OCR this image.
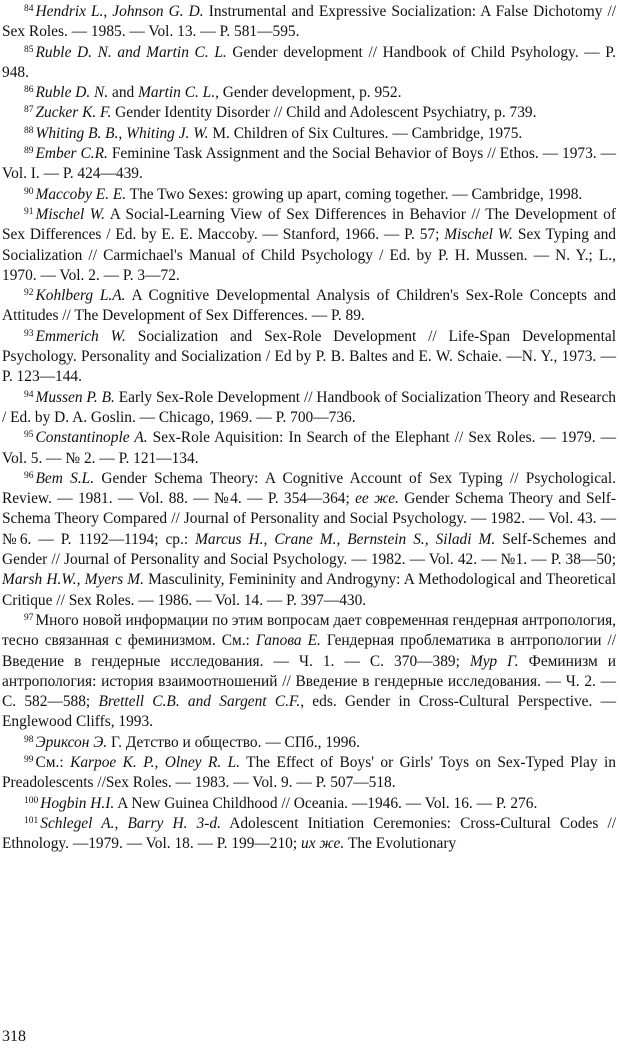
$^{84}$ Hendrix L., Johnson G. D. Instrumental and Expressive Socialization: A False Dichotomy // Sex Roles. — 1985. — Vol. 13. — P. 581—595.

$^{85}$ Ruble D. N. and Martin C. L. Gender development // Handbook of Child Psyhology. — P. 948.

$^{86}$ Ruble D. N. and Martin C. L., Gender development, p. 952.

$^{87}$ Zucker K. F. Gender Identity Disorder // Child and Adolescent Psychiatry, p. 739.

$^{88}$ Whiting B. B., Whiting J. W. M. Children of Six Cultures. — Cambridge, 1975.

$^{89}$ Ember C.R. Feminine Task Assignment and the Social Behavior of Boys // Ethos. — 1973. — Vol. I. — P. 424—439.

$^{90}$ Maccoby E. E. The Two Sexes: growing up apart, coming together. — Cambridge, 1998.

$^{91}$ Mischel W. A Social-Learning View of Sex Differences in Behavior // The Development of Sex Differences / Ed. by E. E. Maccoby. — Stanford, 1966. — P. 57; Mischel W. Sex Typing and Socialization // Carmichael's Manual of Child Psychology / Ed. by P. H. Mussen. — N. Y.; L., 1970. — Vol. 2. — P. 3—72.

$^{92}$ Kohlberg L.A. A Cognitive Developmental Analysis of Children's Sex-Role Concepts and Attitudes // The Development of Sex Differences. — P. 89.

$^{93}$ Emmerich W. Socialization and Sex-Role Development // Life-Span Developmental Psychology. Personality and Socialization / Ed by P. B. Baltes and E. W. Schaie. —N. Y., 1973. — P. 123—144.

$^{94}$ Mussen P. B. Early Sex-Role Development // Handbook of Socialization Theory and Research / Ed. by D. A. Goslin. — Chicago, 1969. — P. 700—736.

$^{95}$ Constantinople A. Sex-Role Aquisition: In Search of the Elephant // Sex Roles. — 1979. — Vol. 5. — № 2. — P. 121—134.

$^{96}$ Bem S.L. Gender Schema Theory: A Cognitive Account of Sex Typing // Psychological. Review. — 1981. — Vol. 88. — №4. — P. 354—364; ee же. Gender Schema Theory and Self-Schema Theory Compared // Journal of Personality and Social Psychology. — 1982. — Vol. 43. — №6. — P. 1192—1194; ср.: Marcus H., Crane M., Bernstein S., Siladi M. Self-Schemes and Gender // Journal of Personality and Social Psychology. — 1982. — Vol. 42. — №1. — P. 38—50; Marsh H.W., Myers M. Masculinity, Femininity and Androgyny: A Methodological and Theoretical Critique // Sex Roles. — 1986. — Vol. 14. — P. 397—430.

$^{97}$ Много новой информации по этим вопросам дает современная гендерная антропология, тесно связанная с феминизмом. См.: Гапова Е. Гендерная проблематика в антропологии // Введение в гендерные исследования. — Ч. 1. — С. 370—389; Мур Г. Феминизм и антропология: история взаимоотношений // Введение в гендерные исследования. — Ч. 2. — С. 582—588; Brettell C.B. and Sargent C.F., eds. Gender in Cross-Cultural Perspective. — Englewood Cliffs, 1993.

$^{98}$ Эриксон Э. Г. Детство и общество. — СПб., 1996.

$^{99}$ См.: Karpoe K. P., Olney R. L. The Effect of Boys' or Girls' Toys on Sex-Typed Play in Preadolescents //Sex Roles. — 1983. — Vol. 9. — P. 507—518.

$^{100}$ Hogbin H.I. A New Guinea Childhood // Oceania. —1946. — Vol. 16. — P. 276.

$^{101}$ Schlegel A., Barry H. 3-d. Adolescent Initiation Ceremonies: Cross-Cultural Codes // Ethnology. —1979. — Vol. 18. — P. 199—210; их же. The Evolutionary

318
